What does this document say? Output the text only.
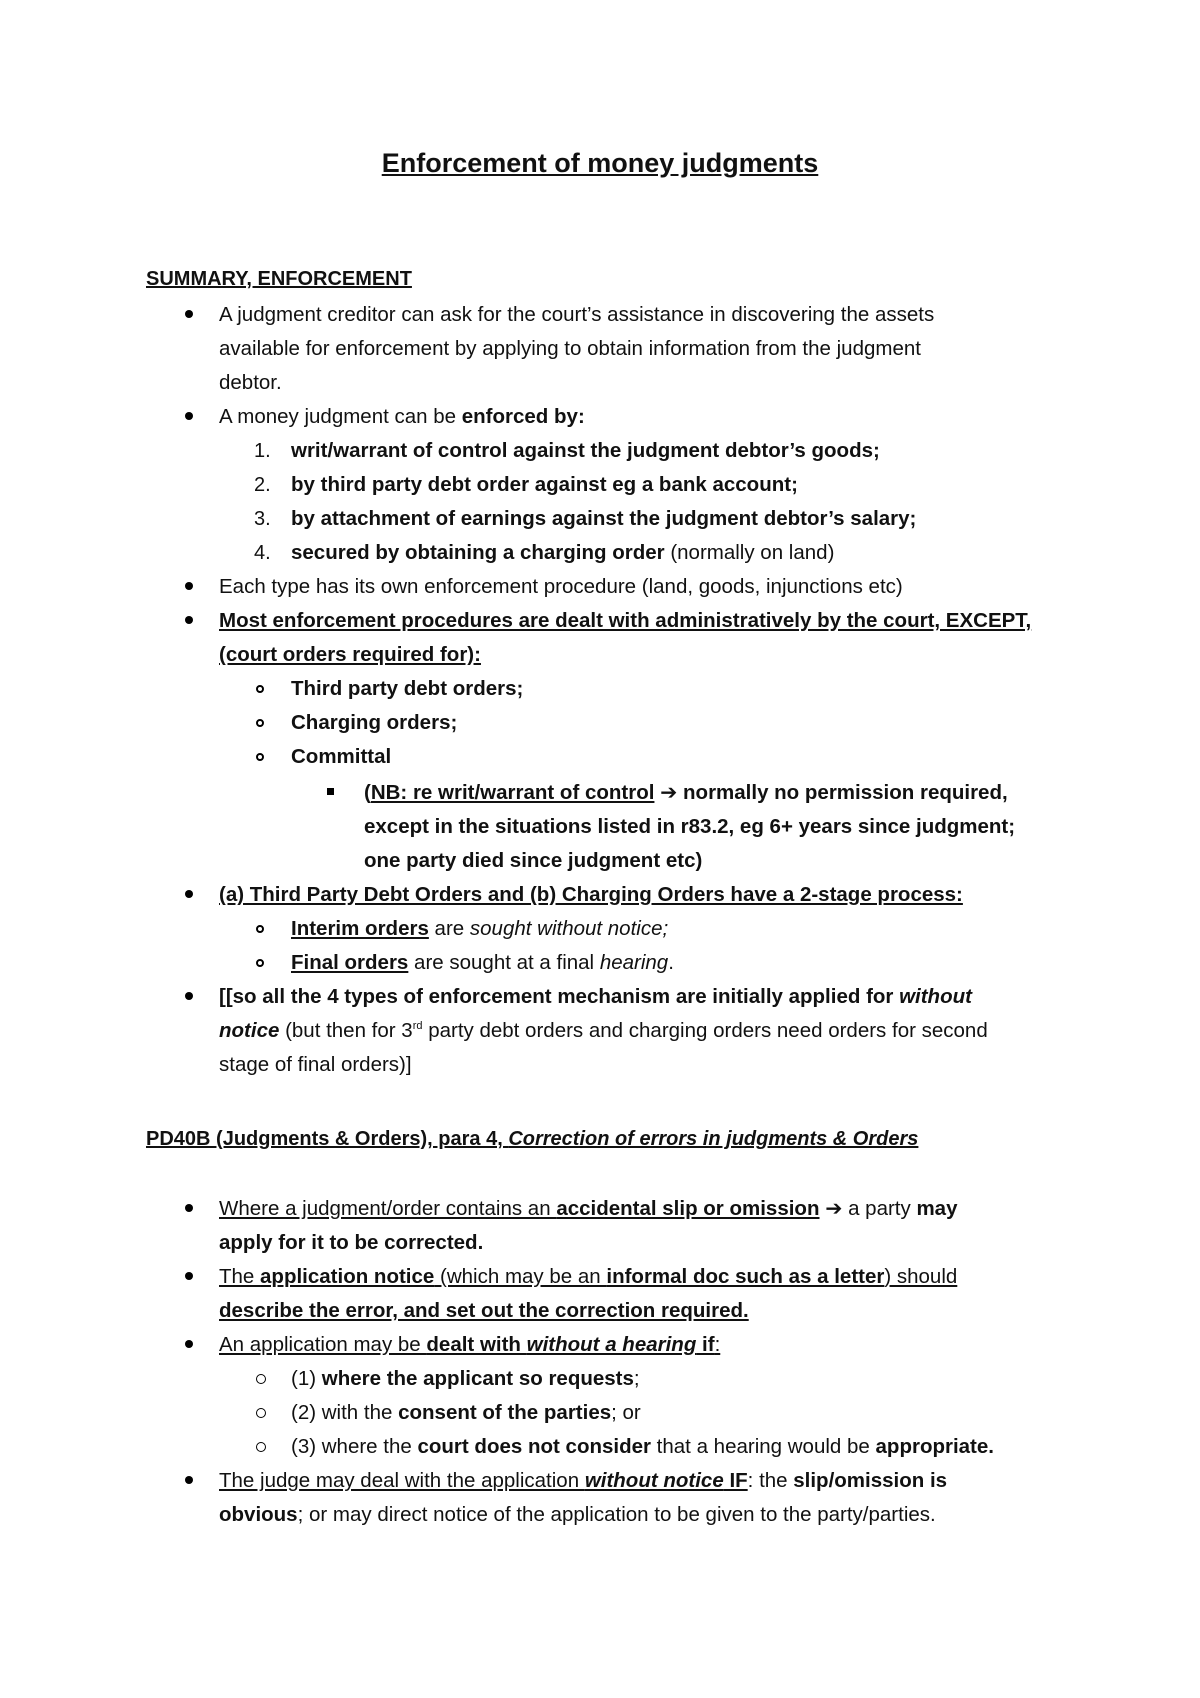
Enforcement of money judgments
SUMMARY, ENFORCEMENT
A judgment creditor can ask for the court’s assistance in discovering the assets
available for enforcement by applying to obtain information from the judgment
debtor.
A money judgment can be enforced by:
1. writ/warrant of control against the judgment debtor’s goods;
2. by third party debt order against eg a bank account;
3. by attachment of earnings against the judgment debtor’s salary;
4. secured by obtaining a charging order (normally on land)
Each type has its own enforcement procedure (land, goods, injunctions etc)
Most enforcement procedures are dealt with administratively by the court, EXCEPT,
(court orders required for):
Third party debt orders;
Charging orders;
Committal
(NB: re writ/warrant of control ➔ normally no permission required,
except in the situations listed in r83.2, eg 6+ years since judgment;
one party died since judgment etc)
(a) Third Party Debt Orders and (b) Charging Orders have a 2-stage process:
Interim orders are sought without notice;
Final orders are sought at a final hearing.
[[so all the 4 types of enforcement mechanism are initially applied for without
notice (but then for 3rd party debt orders and charging orders need orders for second
stage of final orders)]
PD40B (Judgments & Orders), para 4, Correction of errors in judgments & Orders
Where a judgment/order contains an accidental slip or omission ➔ a party may
apply for it to be corrected.
The application notice (which may be an informal doc such as a letter) should
describe the error, and set out the correction required.
An application may be dealt with without a hearing if:
(1) where the applicant so requests;
(2) with the consent of the parties; or
(3) where the court does not consider that a hearing would be appropriate.
The judge may deal with the application without notice IF: the slip/omission is
obvious; or may direct notice of the application to be given to the party/parties.
